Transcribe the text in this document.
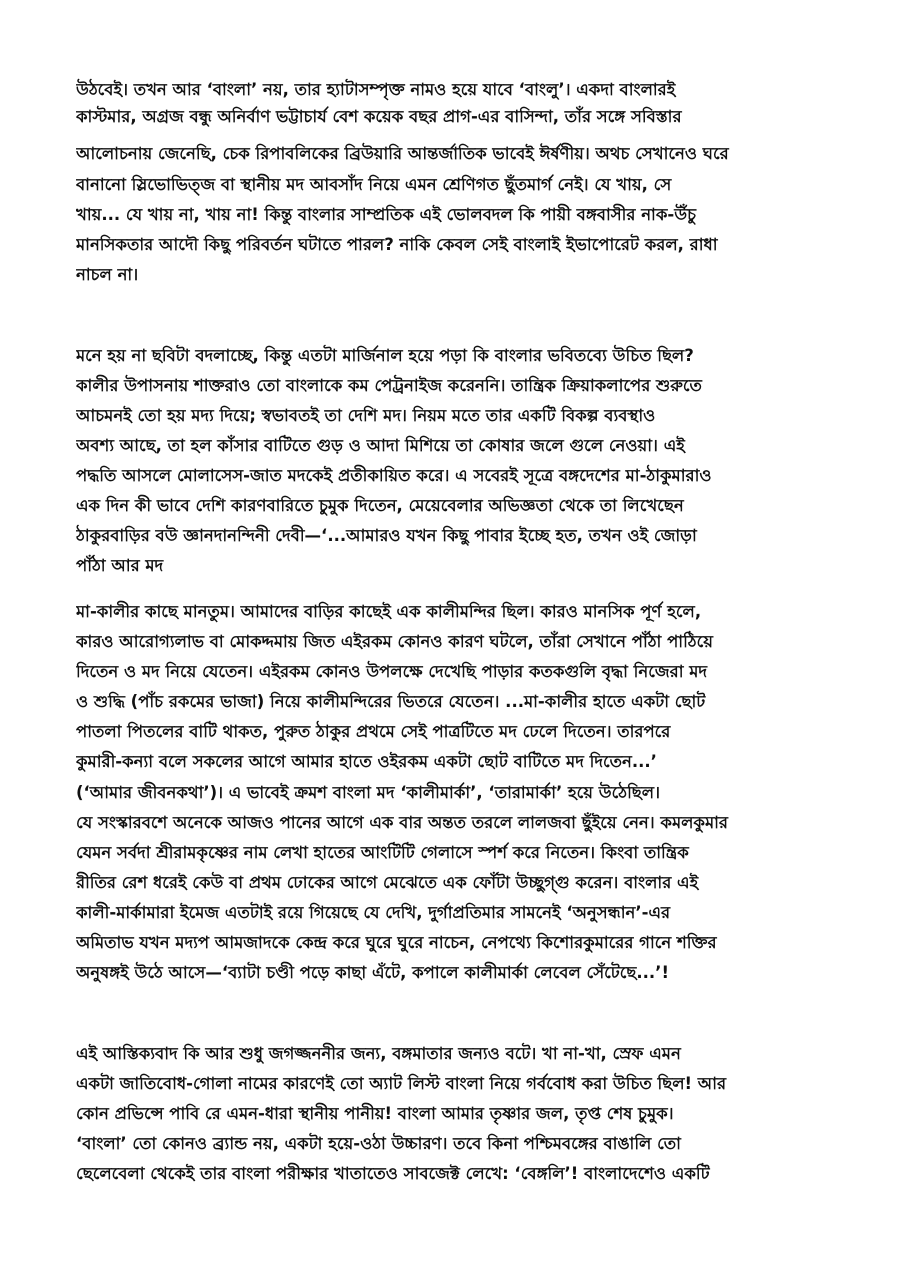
উঠবেই। তখন আর ‘বাংলা’ নয়, তার হ্যাটাসম্পৃক্ত নামও হয়ে যাবে ‘বাংলু’। একদা বাংলারই
কাস্টমার, অগ্রজ বন্ধু অনির্বাণ ভট্টাচার্য বেশ কয়েক বছর প্রাগ-এর বাসিন্দা, তাঁর সঙ্গে সবিস্তার
আলোচনায় জেনেছি, চেক রিপাবলিকের ব্রিউয়ারি আন্তর্জাতিক ভাবেই ঈর্ষণীয়। অথচ সেখানেও ঘরে
বানানো স্লিভোভিত্জ বা স্থানীয় মদ আবসাঁদ নিয়ে এমন শ্রেণিগত ছুঁতমার্গ নেই। যে খায়, সে
খায়... যে খায় না, খায় না! কিন্তু বাংলার সাম্প্রতিক এই ভোলবদল কি পায়ী বঙ্গবাসীর নাক-উঁচু
মানসিকতার আদৌ কিছু পরিবর্তন ঘটাতে পারল? নাকি কেবল সেই বাংলাই ইভাপোরেট করল, রাধা
নাচল না।
মনে হয় না ছবিটা বদলাচ্ছে, কিন্তু এতটা মার্জিনাল হয়ে পড়া কি বাংলার ভবিতব্যে উচিত ছিল?
কালীর উপাসনায় শাক্তরাও তো বাংলাকে কম পেট্রনাইজ করেননি। তান্ত্রিক ক্রিয়াকলাপের শুরুতে
আচমনই তো হয় মদ্য দিয়ে; স্বভাবতই তা দেশি মদ। নিয়ম মতে তার একটি বিকল্প ব্যবস্থাও
অবশ্য আছে, তা হল কাঁসার বাটিতে গুড় ও আদা মিশিয়ে তা কোষার জলে গুলে নেওয়া। এই
পদ্ধতি আসলে মোলাসেস-জাত মদকেই প্রতীকায়িত করে। এ সবেরই সূত্রে বঙ্গদেশের মা-ঠাকুমারাও
এক দিন কী ভাবে দেশি কারণবারিতে চুমুক দিতেন, মেয়েবেলার অভিজ্ঞতা থেকে তা লিখেছেন
ঠাকুরবাড়ির বউ জ্ঞানদানন্দিনী দেবী—‘...আমারও যখন কিছু পাবার ইচ্ছে হত, তখন ওই জোড়া
পাঁঠা আর মদ
মা-কালীর কাছে মানতুম। আমাদের বাড়ির কাছেই এক কালীমন্দির ছিল। কারও মানসিক পূর্ণ হলে,
কারও আরোগ্যলাভ বা মোকদ্দমায় জিত এইরকম কোনও কারণ ঘটলে, তাঁরা সেখানে পাঁঠা পাঠিয়ে
দিতেন ও মদ নিয়ে যেতেন। এইরকম কোনও উপলক্ষে দেখেছি পাড়ার কতকগুলি বৃদ্ধা নিজেরা মদ
ও শুদ্ধি (পাঁচ রকমের ভাজা) নিয়ে কালীমন্দিরের ভিতরে যেতেন। ...মা-কালীর হাতে একটা ছোট
পাতলা পিতলের বাটি থাকত, পুরুত ঠাকুর প্রথমে সেই পাত্রটিতে মদ ঢেলে দিতেন। তারপরে
কুমারী-কন্যা বলে সকলের আগে আমার হাতে ওইরকম একটা ছোট বাটিতে মদ দিতেন...’
(‘আমার জীবনকথা’)। এ ভাবেই ক্রমশ বাংলা মদ ‘কালীমার্কা’, ‘তারামার্কা’ হয়ে উঠেছিল।
যে সংস্কারবশে অনেকে আজও পানের আগে এক বার অন্তত তরলে লালজবা ছুঁইয়ে নেন। কমলকুমার
যেমন সর্বদা শ্রীরামকৃষ্ণের নাম লেখা হাতের আংটিটি গেলাসে স্পর্শ করে নিতেন। কিংবা তান্ত্রিক
রীতির রেশ ধরেই কেউ বা প্রথম ঢোকের আগে মেঝেতে এক ফোঁটা উচ্ছুগ্গু করেন। বাংলার এই
কালী-মার্কামারা ইমেজ এতটাই রয়ে গিয়েছে যে দেখি, দুর্গাপ্রতিমার সামনেই ‘অনুসন্ধান’-এর
অমিতাভ যখন মদ্যপ আমজাদকে কেন্দ্র করে ঘুরে ঘুরে নাচেন, নেপথ্যে কিশোরকুমারের গানে শক্তির
অনুষঙ্গই উঠে আসে—‘ব্যাটা চণ্ডী পড়ে কাছা এঁটে, কপালে কালীমার্কা লেবেল সেঁটেছে...’!
এই আস্তিক্যবাদ কি আর শুধু জগজ্জননীর জন্য, বঙ্গমাতার জন্যও বটে। খা না-খা, স্রেফ এমন
একটা জাতিবোধ-গোলা নামের কারণেই তো অ্যাট লিস্ট বাংলা নিয়ে গর্ববোধ করা উচিত ছিল! আর
কোন প্রভিন্সে পাবি রে এমন-ধারা স্থানীয় পানীয়! বাংলা আমার তৃষ্ণার জল, তৃপ্ত শেষ চুমুক।
‘বাংলা’ তো কোনও ব্র্যান্ড নয়, একটা হয়ে-ওঠা উচ্চারণ। তবে কিনা পশ্চিমবঙ্গের বাঙালি তো
ছেলেবেলা থেকেই তার বাংলা পরীক্ষার খাতাতেও সাবজেক্ট লেখে: ‘বেঙ্গলি’! বাংলাদেশেও একটি
